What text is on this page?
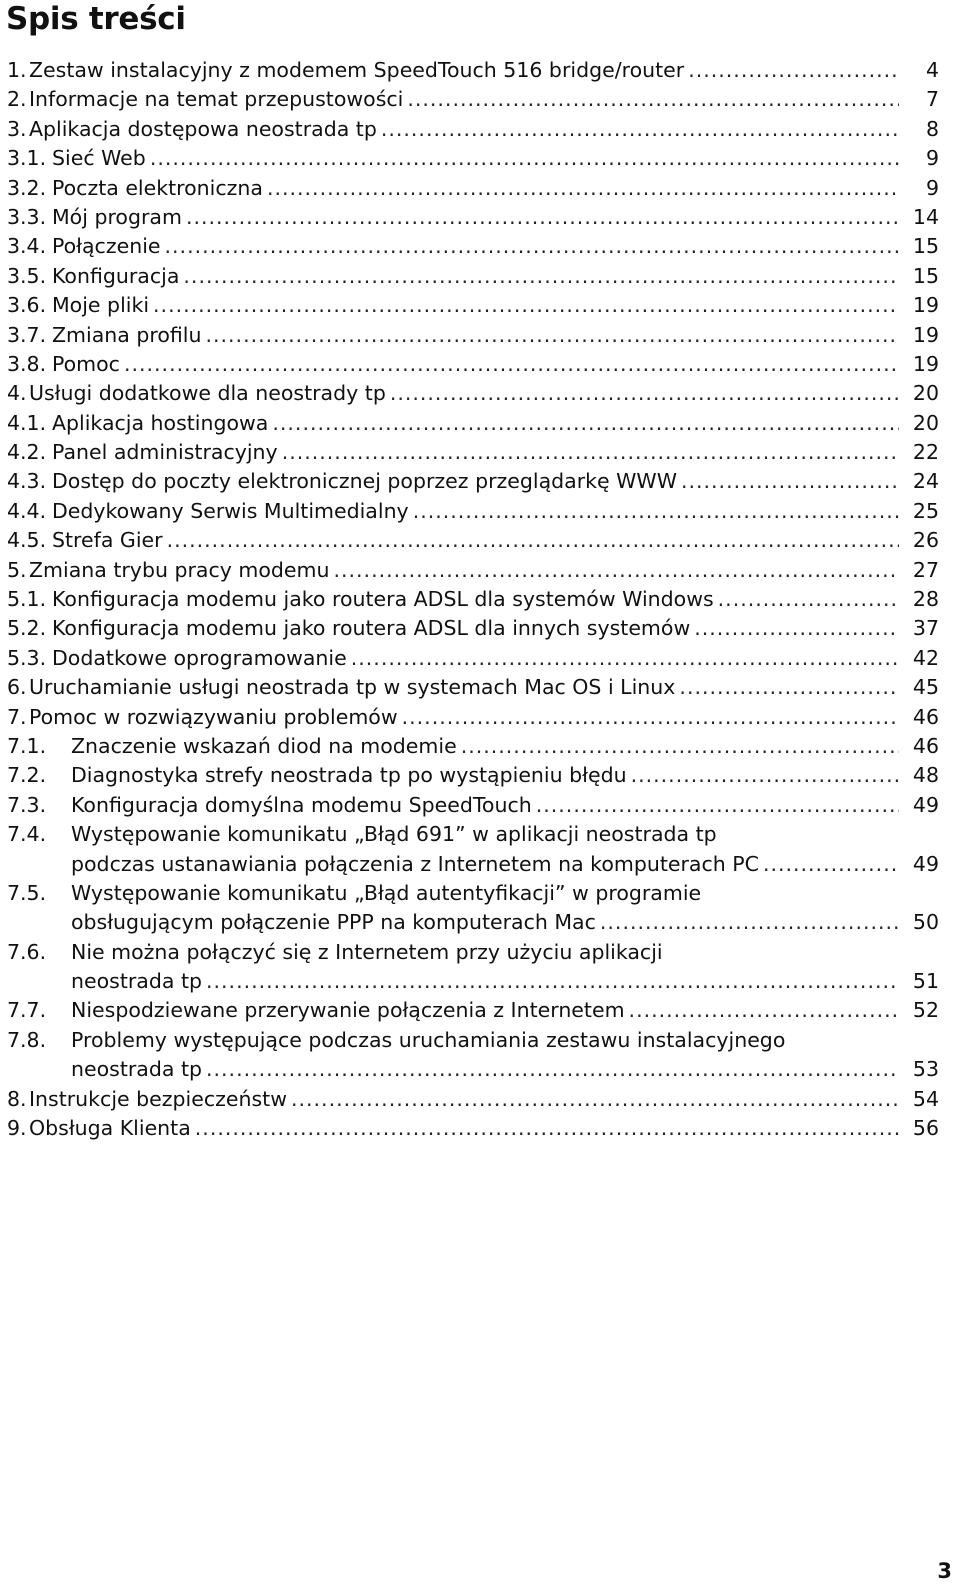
Spis treści
1. Zestaw instalacyjny z modemem SpeedTouch 516 bridge/router .....	4
2. Informacje na temat przepustowości .....	7
3. Aplikacja dostępowa neostrada tp .....	8
3.1. Sieć Web .....	9
3.2. Poczta elektroniczna .....	9
3.3. Mój program .....	14
3.4. Połączenie .....	15
3.5. Konfiguracja .....	15
3.6. Moje pliki .....	19
3.7. Zmiana profilu .....	19
3.8. Pomoc .....	19
4. Usługi dodatkowe dla neostrady tp .....	20
4.1. Aplikacja hostingowa .....	20
4.2. Panel administracyjny .....	22
4.3. Dostęp do poczty elektronicznej poprzez przeglądarkę WWW .....	24
4.4. Dedykowany Serwis Multimedialny .....	25
4.5. Strefa Gier .....	26
5. Zmiana trybu pracy modemu .....	27
5.1. Konfiguracja modemu jako routera ADSL dla systemów Windows .....	28
5.2. Konfiguracja modemu jako routera ADSL dla innych systemów .....	37
5.3. Dodatkowe oprogramowanie .....	42
6. Uruchamianie usługi neostrada tp w systemach Mac OS i Linux .....	45
7. Pomoc w rozwiązywaniu problemów .....	46
7.1.	Znaczenie wskazań diod na modemie .....	46
7.2.	Diagnostyka strefy neostrada tp po wystąpieniu błędu .....	48
7.3.	Konfiguracja domyślna modemu SpeedTouch .....	49
7.4.	Występowanie komunikatu „Błąd 691” w aplikacji neostrada tp
podczas ustanawiania połączenia z Internetem na komputerach PC .....	49
7.5.	Występowanie komunikatu „Błąd autentyfikacji” w programie
obsługującym połączenie PPP na komputerach Mac .....	50
7.6.	Nie można połączyć się z Internetem przy użyciu aplikacji
neostrada tp .....	51
7.7.	Niespodziewane przerywanie połączenia z Internetem .....	52
7.8.	Problemy występujące podczas uruchamiania zestawu instalacyjnego
neostrada tp .....	53
8. Instrukcje bezpieczeństw .....	54
9. Obsługa Klienta .....	56
3
